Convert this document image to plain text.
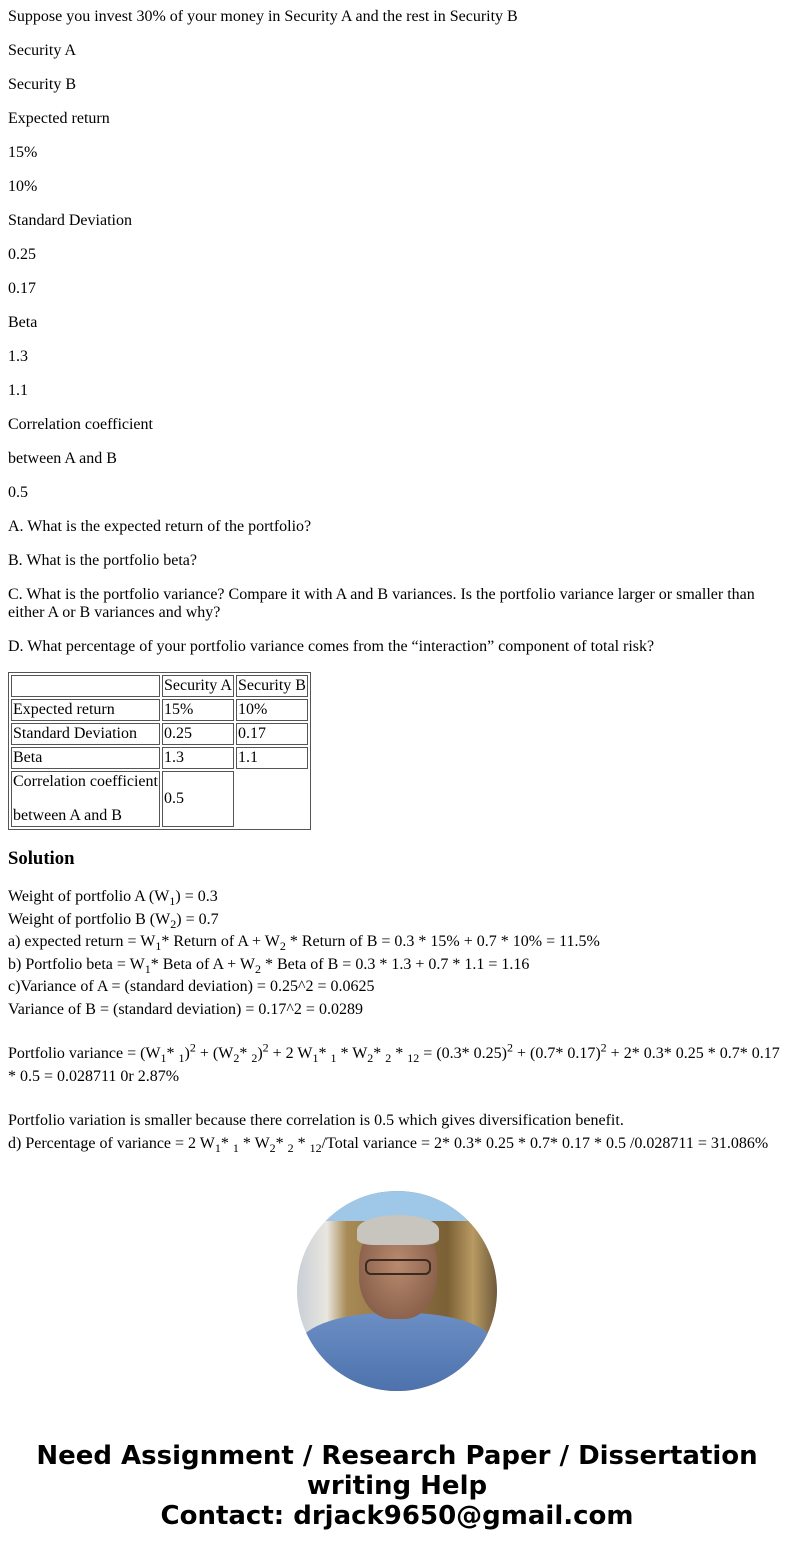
Suppose you invest 30% of your money in Security A and the rest in Security B

Security A

Security B

Expected return

15%

10%

Standard Deviation

0.25

0.17

Beta

1.3

1.1

Correlation coefficient

between A and B

0.5

A. What is the expected return of the portfolio?

B. What is the portfolio beta?

C. What is the portfolio variance? Compare it with A and B variances. Is the portfolio variance larger or smaller than either A or B variances and why?

D. What percentage of your portfolio variance comes from the “interaction” component of total risk?

	Security A	Security B
Expected return	15%	10%
Standard Deviation	0.25	0.17
Beta	1.3	1.1

Correlation coefficient
between A and B	0.5	
Solution
Weight of portfolio A $(W_1) = 0.3$
Weight of portfolio B $(W_2) = 0.7$
a) expected return = $W_1*$ Return of $A + W_2$ * Return of B = 0.3 * 15% + 0.7 * 10% = 11.5%
b) Portfolio beta = $W_1*$ Beta of $A + W_2$ * Beta of B = 0.3 * 1.3 + 0.7 * 1.1 = 1.16
c)Variance of A = (standard deviation) = 0.25^2 = 0.0625
Variance of B = (standard deviation) = 0.17^2 = 0.0289
Portfolio variance = ($W_1*$ $_1)^2 + (W_2*$ $_2$)$^2$ + 2 $W_1*$ $_1 * W_2*$ $_2$ * $_{12}$ = (0.3* 0.25)$^2$ + (0.7* 0.17)$^2$ + 2* 0.3* 0.25 * 0.7* 0.17 * 0.5 = 0.028711 0r 2.87%
Portfolio variation is smaller because there correlation is 0.5 which gives diversification benefit.
d) Percentage of variance = 2 $W_1*$ $_1 * W_2*$ $_2$ * $_{12}$/Total variance = 2* 0.3* 0.25 * 0.7* 0.17 * 0.5 /0.028711 = 31.086%
Need Assignment / Research Paper / Dissertation writing Help
Contact: drjack9650@gmail.com
